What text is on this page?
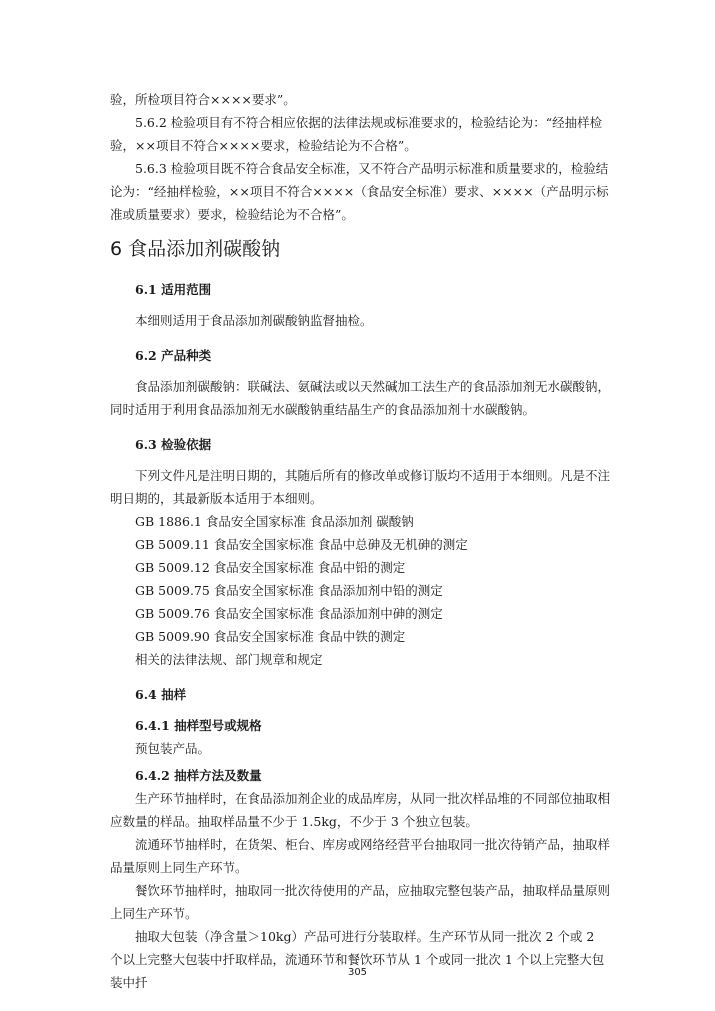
验，所检项目符合××××要求”。

5.6.2 检验项目有不符合相应依据的法律法规或标准要求的，检验结论为：“经抽样检验，××项目不符合××××要求，检验结论为不合格”。

5.6.3 检验项目既不符合食品安全标准，又不符合产品明示标准和质量要求的，检验结论为：“经抽样检验，××项目不符合××××（食品安全标准）要求、××××（产品明示标准或质量要求）要求，检验结论为不合格”。

6 食品添加剂碳酸钠
6.1 适用范围

本细则适用于食品添加剂碳酸钠监督抽检。

6.2 产品种类

食品添加剂碳酸钠：联碱法、氨碱法或以天然碱加工法生产的食品添加剂无水碳酸钠，同时适用于利用食品添加剂无水碳酸钠重结晶生产的食品添加剂十水碳酸钠。

6.3 检验依据

下列文件凡是注明日期的，其随后所有的修改单或修订版均不适用于本细则。凡是不注明日期的，其最新版本适用于本细则。

GB 1886.1 食品安全国家标准 食品添加剂 碳酸钠
GB 5009.11 食品安全国家标准 食品中总砷及无机砷的测定
GB 5009.12 食品安全国家标准 食品中铅的测定
GB 5009.75 食品安全国家标准 食品添加剂中铅的测定
GB 5009.76 食品安全国家标准 食品添加剂中砷的测定
GB 5009.90 食品安全国家标准 食品中铁的测定
相关的法律法规、部门规章和规定
6.4 抽样
6.4.1 抽样型号或规格

预包装产品。

6.4.2 抽样方法及数量

生产环节抽样时，在食品添加剂企业的成品库房，从同一批次样品堆的不同部位抽取相应数量的样品。抽取样品量不少于 1.5kg，不少于 3 个独立包装。

流通环节抽样时，在货架、柜台、库房或网络经营平台抽取同一批次待销产品，抽取样品量原则上同生产环节。

餐饮环节抽样时，抽取同一批次待使用的产品，应抽取完整包装产品，抽取样品量原则上同生产环节。

抽取大包装（净含量＞10kg）产品可进行分装取样。生产环节从同一批次 2 个或 2 个以上完整大包装中扦取样品，流通环节和餐饮环节从 1 个或同一批次 1 个以上完整大包装中扦

305
